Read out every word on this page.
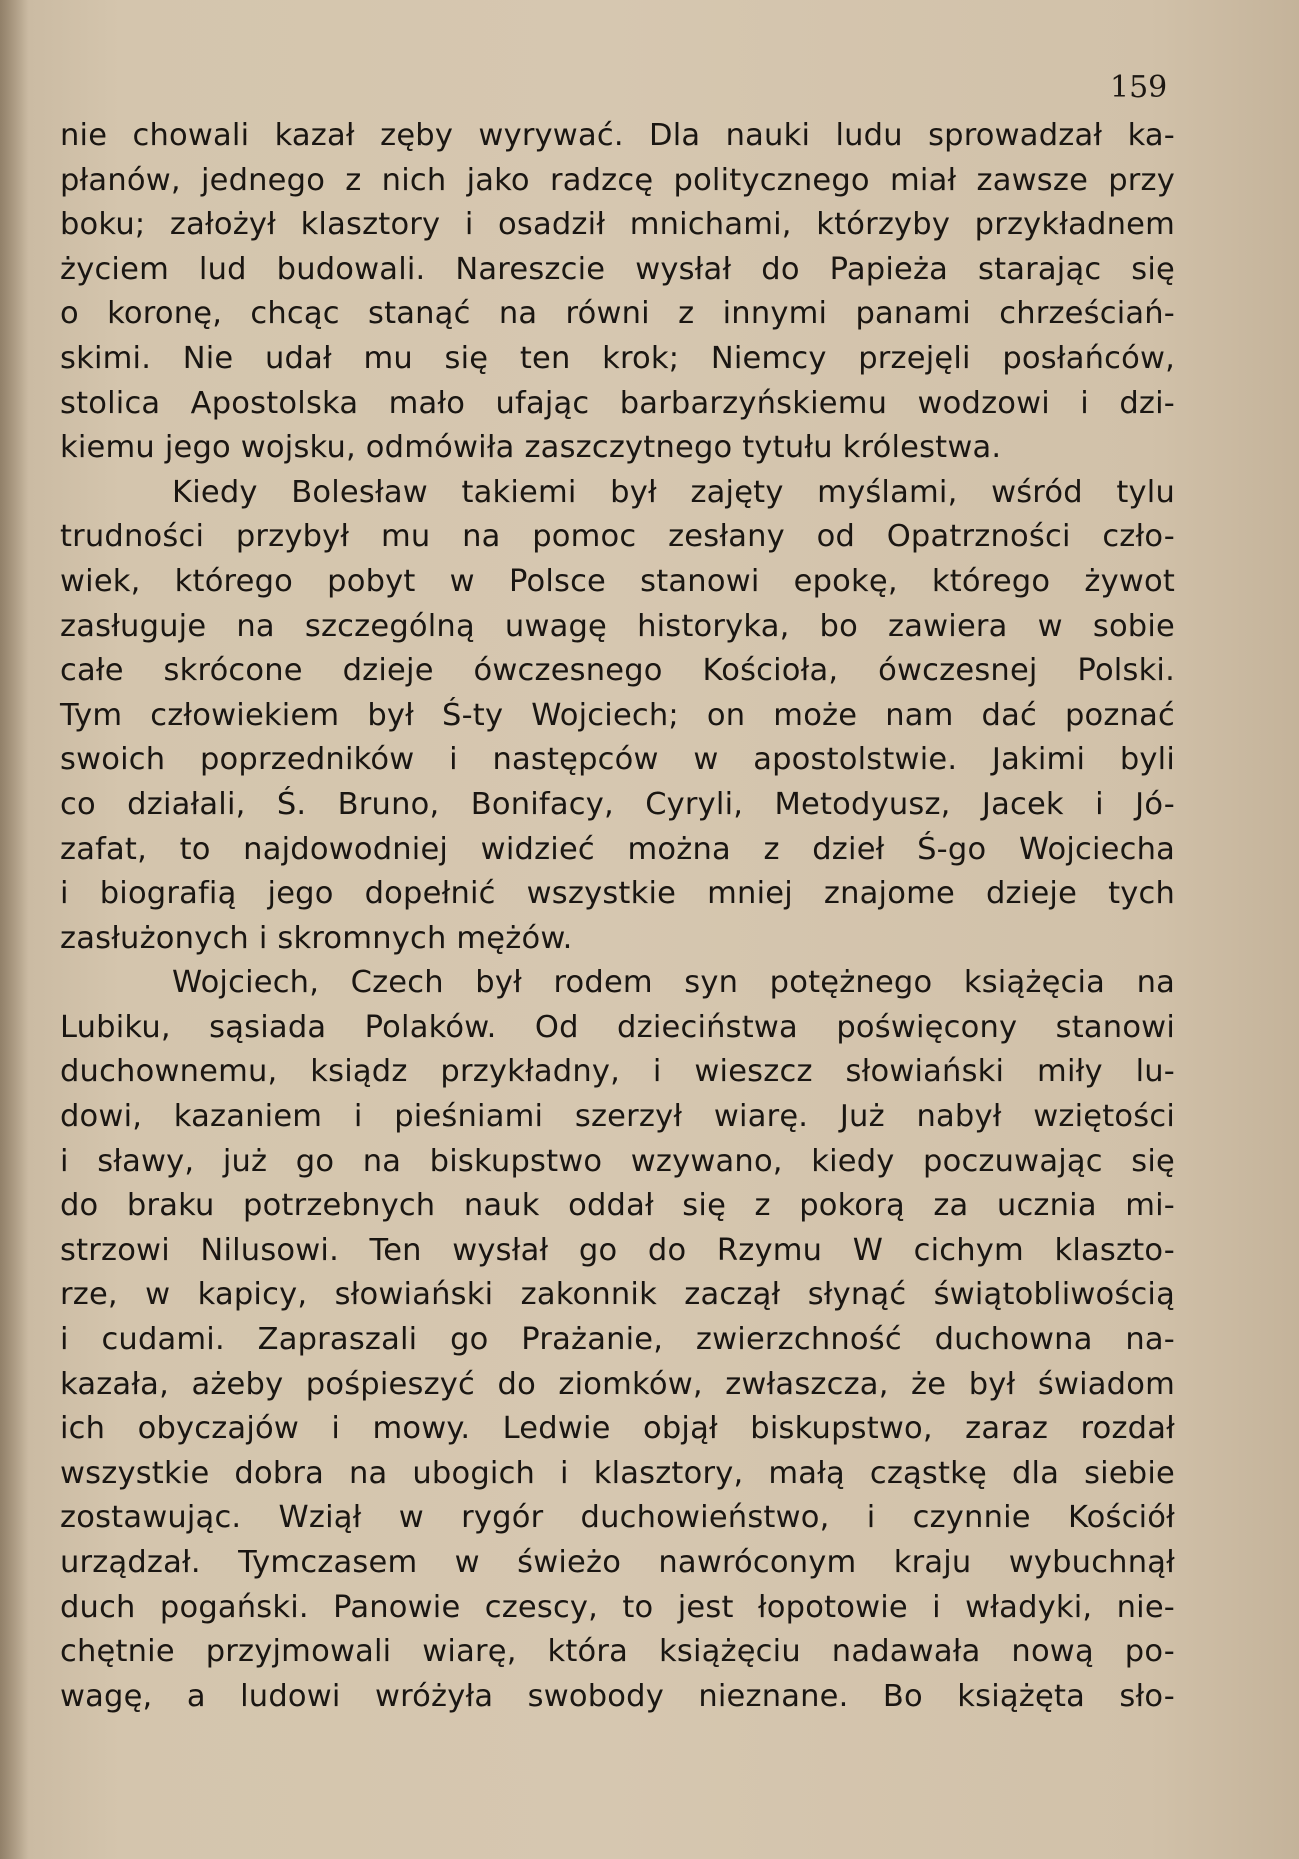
159

nie chowali kazał zęby wyrywać. Dla nauki ludu sprowadzał ka-
płanów, jednego z nich jako radzcę politycznego miał zawsze przy
boku; założył klasztory i osadził mnichami, którzyby przykładnem
życiem lud budowali. Nareszcie wysłał do Papieża starając się
o koronę, chcąc stanąć na równi z innymi panami chrześciań-
skimi. Nie udał mu się ten krok; Niemcy przejęli posłańców,
stolica Apostolska mało ufając barbarzyńskiemu wodzowi i dzi-
kiemu jego wojsku, odmówiła zaszczytnego tytułu królestwa.

Kiedy Bolesław takiemi był zajęty myślami, wśród tylu
trudności przybył mu na pomoc zesłany od Opatrzności czło-
wiek, którego pobyt w Polsce stanowi epokę, którego żywot
zasługuje na szczególną uwagę historyka, bo zawiera w sobie
całe skrócone dzieje ówczesnego Kościoła, ówczesnej Polski.
Tym człowiekiem był Ś-ty Wojciech; on może nam dać poznać
swoich poprzedników i następców w apostolstwie. Jakimi byli
co działali, Ś. Bruno, Bonifacy, Cyryli, Metodyusz, Jacek i Jó-
zafat, to najdowodniej widzieć można z dzieł Ś-go Wojciecha
i biografią jego dopełnić wszystkie mniej znajome dzieje tych
zasłużonych i skromnych mężów.

Wojciech, Czech był rodem syn potężnego książęcia na
Lubiku, sąsiada Polaków. Od dzieciństwa poświęcony stanowi
duchownemu, ksiądz przykładny, i wieszcz słowiański miły lu-
dowi, kazaniem i pieśniami szerzył wiarę. Już nabył wziętości
i sławy, już go na biskupstwo wzywano, kiedy poczuwając się
do braku potrzebnych nauk oddał się z pokorą za ucznia mi-
strzowi Nilusowi. Ten wysłał go do Rzymu W cichym klaszto-
rze, w kapicy, słowiański zakonnik zaczął słynąć świątobliwością
i cudami. Zapraszali go Prażanie, zwierzchność duchowna na-
kazała, ażeby pośpieszyć do ziomków, zwłaszcza, że był świadom
ich obyczajów i mowy. Ledwie objął biskupstwo, zaraz rozdał
wszystkie dobra na ubogich i klasztory, małą cząstkę dla siebie
zostawując. Wziął w rygór duchowieństwo, i czynnie Kościół
urządzał. Tymczasem w świeżo nawróconym kraju wybuchnął
duch pogański. Panowie czescy, to jest łopotowie i władyki, nie-
chętnie przyjmowali wiarę, która książęciu nadawała nową po-
wagę, a ludowi wróżyła swobody nieznane. Bo książęta sło-
